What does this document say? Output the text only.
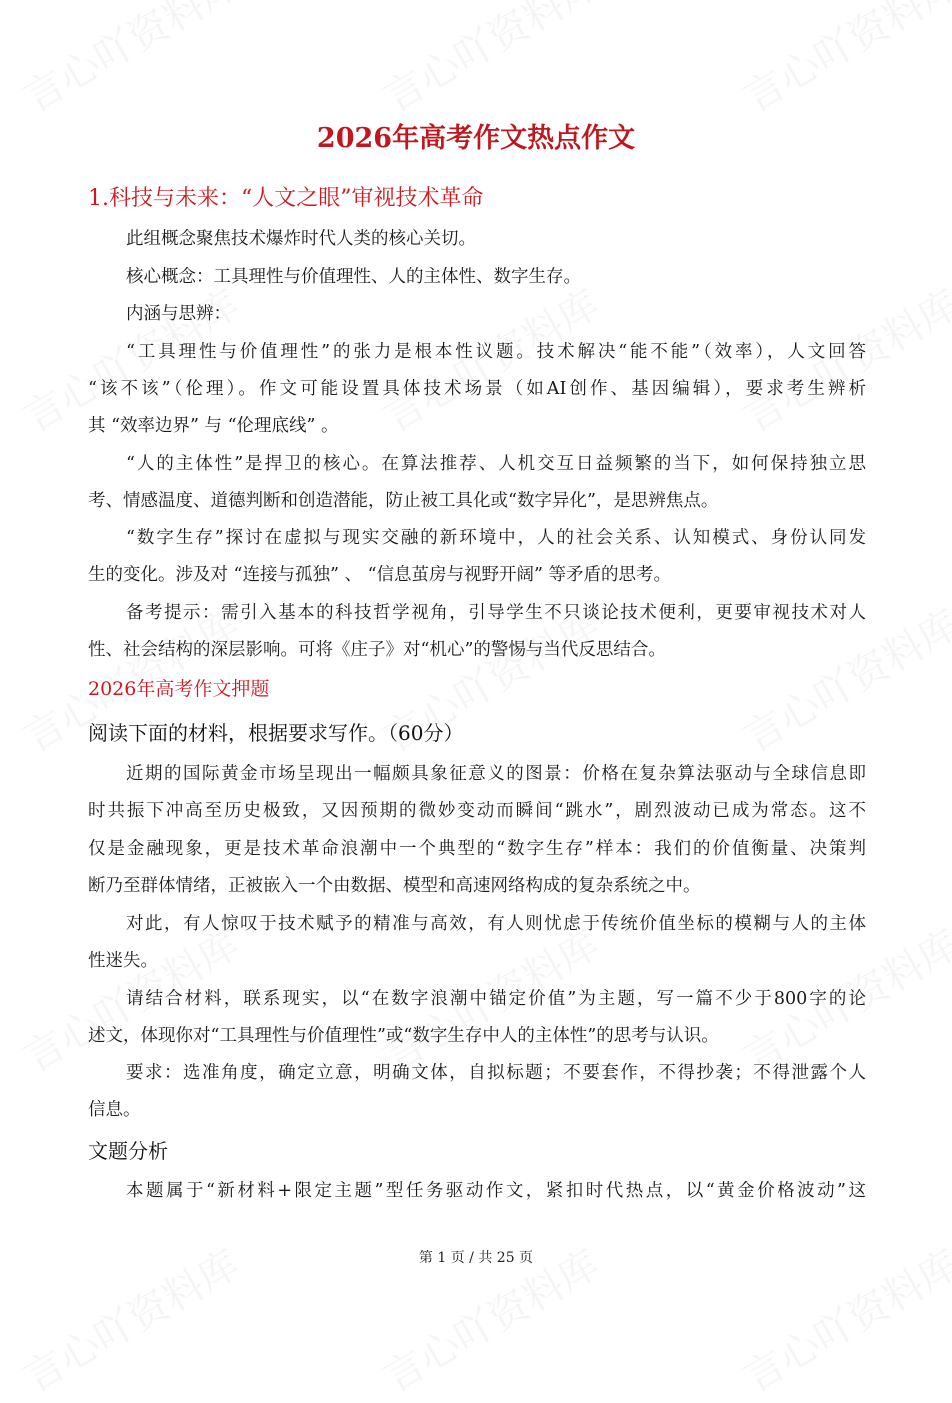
2026年高考作文热点作文
1.科技与未来：“人文之眼”审视技术革命
此组概念聚焦技术爆炸时代人类的核心关切。
核心概念：工具理性与价值理性、人的主体性、数字生存。
内涵与思辨：
“工具理性与价值理性”的张力是根本性议题。技术解决“能不能”（效率），人文回答
“该不该”（伦理）。作文可能设置具体技术场景（如AI创作、基因编辑），要求考生辨析
其 “效率边界” 与 “伦理底线” 。
“人的主体性”是捍卫的核心。在算法推荐、人机交互日益频繁的当下，如何保持独立思
考、情感温度、道德判断和创造潜能，防止被工具化或“数字异化”，是思辨焦点。
“数字生存”探讨在虚拟与现实交融的新环境中，人的社会关系、认知模式、身份认同发
生的变化。涉及对 “连接与孤独” 、 “信息茧房与视野开阔” 等矛盾的思考。
备考提示：需引入基本的科技哲学视角，引导学生不只谈论技术便利，更要审视技术对人
性、社会结构的深层影响。可将《庄子》对“机心”的警惕与当代反思结合。
2026年高考作文押题
阅读下面的材料，根据要求写作。（60分）
近期的国际黄金市场呈现出一幅颇具象征意义的图景：价格在复杂算法驱动与全球信息即
时共振下冲高至历史极致，又因预期的微妙变动而瞬间“跳水”，剧烈波动已成为常态。这不
仅是金融现象，更是技术革命浪潮中一个典型的“数字生存”样本：我们的价值衡量、决策判
断乃至群体情绪，正被嵌入一个由数据、模型和高速网络构成的复杂系统之中。
对此，有人惊叹于技术赋予的精准与高效，有人则忧虑于传统价值坐标的模糊与人的主体
性迷失。
请结合材料，联系现实，以“在数字浪潮中锚定价值”为主题，写一篇不少于800字的论
述文，体现你对“工具理性与价值理性”或“数字生存中人的主体性”的思考与认识。
要求：选准角度，确定立意，明确文体，自拟标题；不要套作，不得抄袭；不得泄露个人
信息。
文题分析
本题属于“新材料+限定主题”型任务驱动作文，紧扣时代热点，以“黄金价格波动”这
第 1 页 / 共 25 页
